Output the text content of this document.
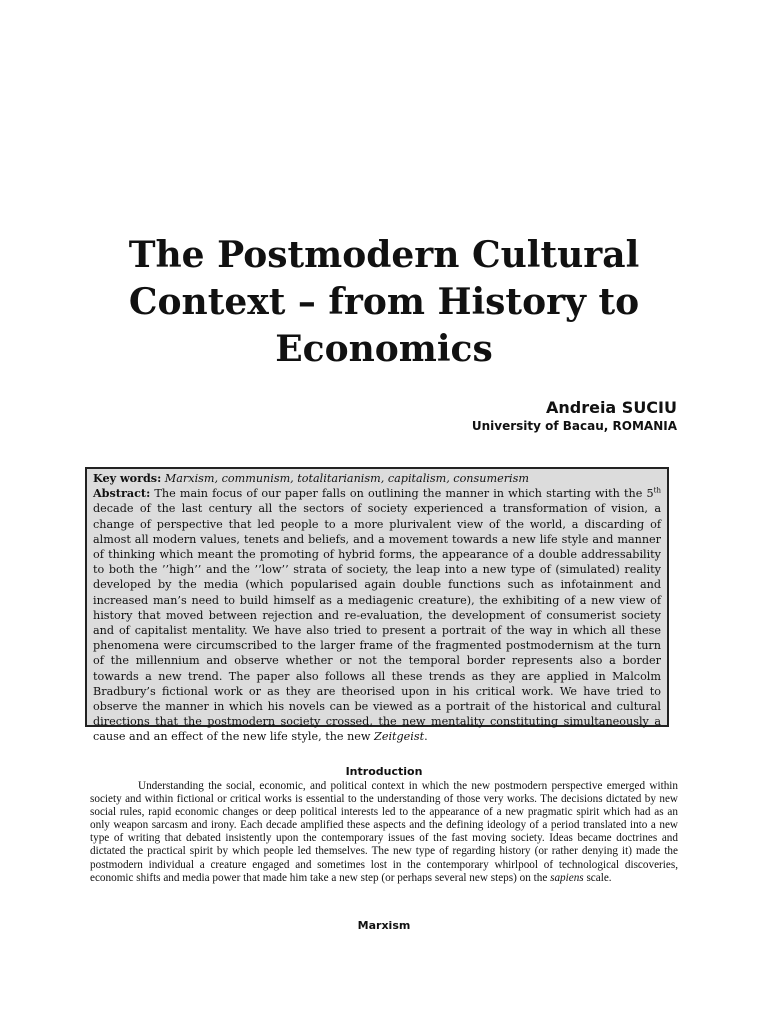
The Postmodern Cultural
Context – from History to
Economics
Andreia SUCIU
University of Bacau, ROMANIA

Key words: Marxism, communism, totalitarianism, capitalism, consumerism

Abstract: The main focus of our paper falls on outlining the manner in which starting with the 5th decade of the last century all the sectors of society experienced a transformation of vision, a change of perspective that led people to a more plurivalent view of the world, a discarding of almost all modern values, tenets and beliefs, and a movement towards a new life style and manner of thinking which meant the promoting of hybrid forms, the appearance of a double addressability to both the ’’high’’ and the ’’low’’ strata of society, the leap into a new type of (simulated) reality developed by the media (which popularised again double functions such as infotainment and increased man’s need to build himself as a mediagenic creature), the exhibiting of a new view of history that moved between rejection and re-evaluation, the development of consumerist society and of capitalist mentality. We have also tried to present a portrait of the way in which all these phenomena were circumscribed to the larger frame of the fragmented postmodernism at the turn of the millennium and observe whether or not the temporal border represents also a border towards a new trend. The paper also follows all these trends as they are applied in Malcolm Bradbury’s fictional work or as they are theorised upon in his critical work. We have tried to observe the manner in which his novels can be viewed as a portrait of the historical and cultural directions that the postmodern society crossed, the new mentality constituting simultaneously a cause and an effect of the new life style, the new Zeitgeist.

Introduction

Understanding the social, economic, and political context in which the new postmodern perspective emerged within society and within fictional or critical works is essential to the understanding of those very works. The decisions dictated by new social rules, rapid economic changes or deep political interests led to the appearance of a new pragmatic spirit which had as an only weapon sarcasm and irony. Each decade amplified these aspects and the defining ideology of a period translated into a new type of writing that debated insistently upon the contemporary issues of the fast moving society. Ideas became doctrines and dictated the practical spirit by which people led themselves. The new type of regarding history (or rather denying it) made the postmodern individual a creature engaged and sometimes lost in the contemporary whirlpool of technological discoveries, economic shifts and media power that made him take a new step (or perhaps several new steps) on the sapiens scale.

Marxism
